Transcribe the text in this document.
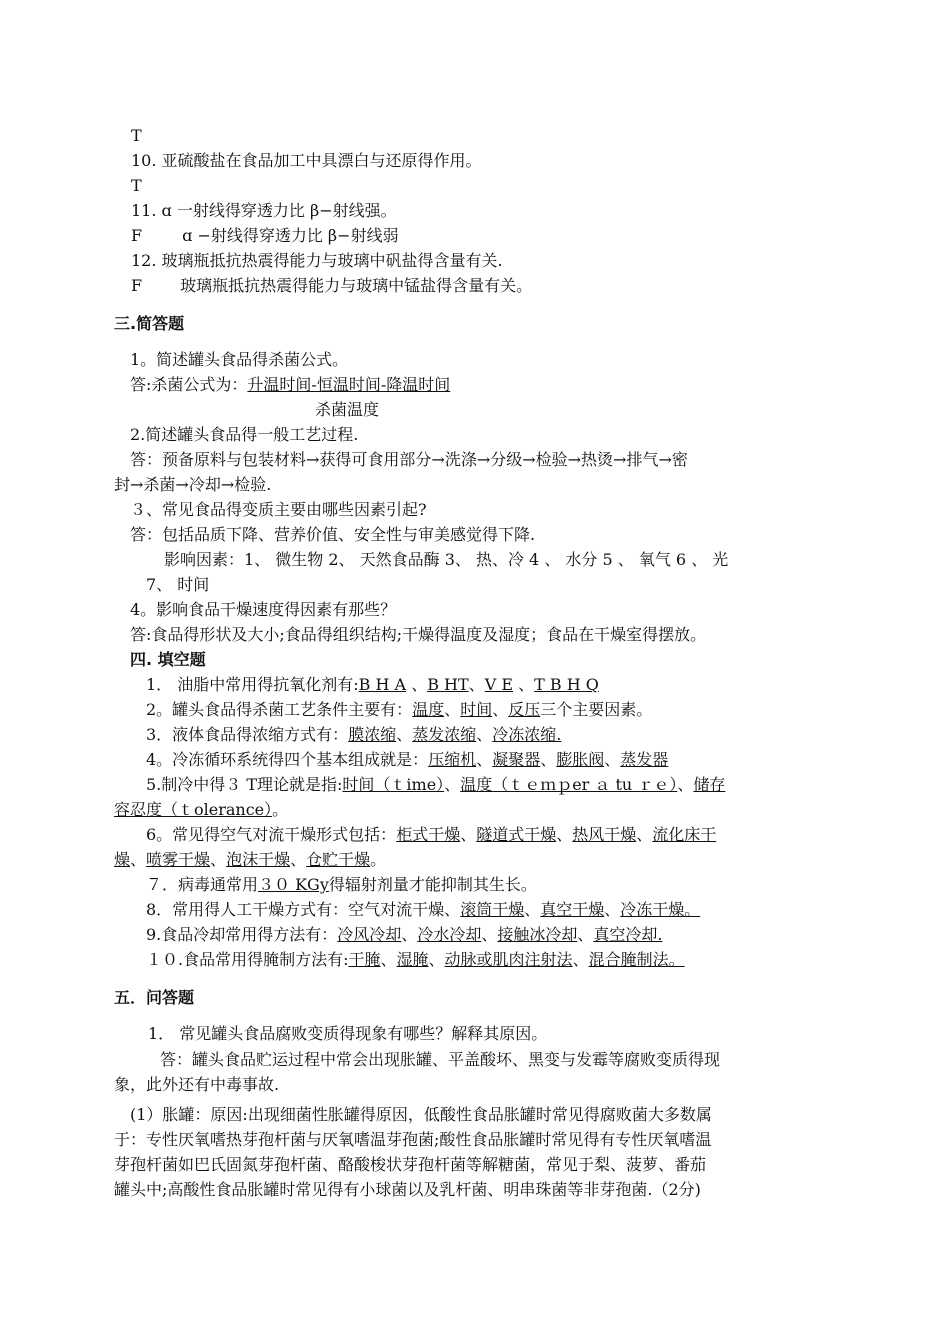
T
10. 亚硫酸盐在食品加工中具漂白与还原得作用。
T
11. ɑ 一射线得穿透力比 β−射线强。
F	ɑ −射线得穿透力比 β−射线弱
12. 玻璃瓶抵抗热震得能力与玻璃中矾盐得含量有关.
F 玻璃瓶抵抗热震得能力与玻璃中锰盐得含量有关。
三.简答题
1。简述罐头食品得杀菌公式。
答:杀菌公式为：升温时间-恒温时间-降温时间
杀菌温度
2.简述罐头食品得一般工艺过程.
答：预备原料与包装材料→获得可食用部分→洗涤→分级→检验→热烫→排气→密
封→杀菌→冷却→检验.
３、常见食品得变质主要由哪些因素引起?
答：包括品质下降、营养价值、安全性与审美感觉得下降.
影响因素：1、 微生物 2、 天然食品酶 3、 热、冷 4 、 水分 5 、 氧气 6 、 光
7、 时间
4。影响食品干燥速度得因素有那些？
答:食品得形状及大小;食品得组织结构;干燥得温度及湿度；食品在干燥室得摆放。
四. 填空题
1． 油脂中常用得抗氧化剂有:B H A 、B HT、V E 、T B H Q
2。罐头食品得杀菌工艺条件主要有：温度、时间、反压三个主要因素。
3．液体食品得浓缩方式有：膜浓缩、蒸发浓缩、冷冻浓缩.
4。冷冻循环系统得四个基本组成就是：压缩机、凝聚器、膨胀阀、蒸发器
5.制冷中得３ T理论就是指:时间（ｔime）、温度（ｔｅｍｐer ａ tu ｒｅ）、储存
容忍度（ｔolerance）。
6。常见得空气对流干燥形式包括：柜式干燥、隧道式干燥、热风干燥、流化床干
燥、喷雾干燥、泡沫干燥、仓贮干燥。
７．病毒通常用３０ KGy得辐射剂量才能抑制其生长。
8．常用得人工干燥方式有：空气对流干燥、滚筒干燥、真空干燥、冷冻干燥。
9.食品冷却常用得方法有：冷风冷却、冷水冷却、接触冰冷却、真空冷却.
１０.食品常用得腌制方法有:干腌、湿腌、动脉或肌肉注射法、混合腌制法。
五．问答题
1． 常见罐头食品腐败变质得现象有哪些？解释其原因。
答：罐头食品贮运过程中常会出现胀罐、平盖酸坏、黑变与发霉等腐败变质得现
象，此外还有中毒事故.
(1）胀罐：原因:出现细菌性胀罐得原因，低酸性食品胀罐时常见得腐败菌大多数属
于：专性厌氧嗜热芽孢杆菌与厌氧嗜温芽孢菌;酸性食品胀罐时常见得有专性厌氧嗜温
芽孢杆菌如巴氏固氮芽孢杆菌、酪酸梭状芽孢杆菌等解糖菌，常见于梨、菠萝、番茄
罐头中;高酸性食品胀罐时常见得有小球菌以及乳杆菌、明串珠菌等非芽孢菌.（2分)
